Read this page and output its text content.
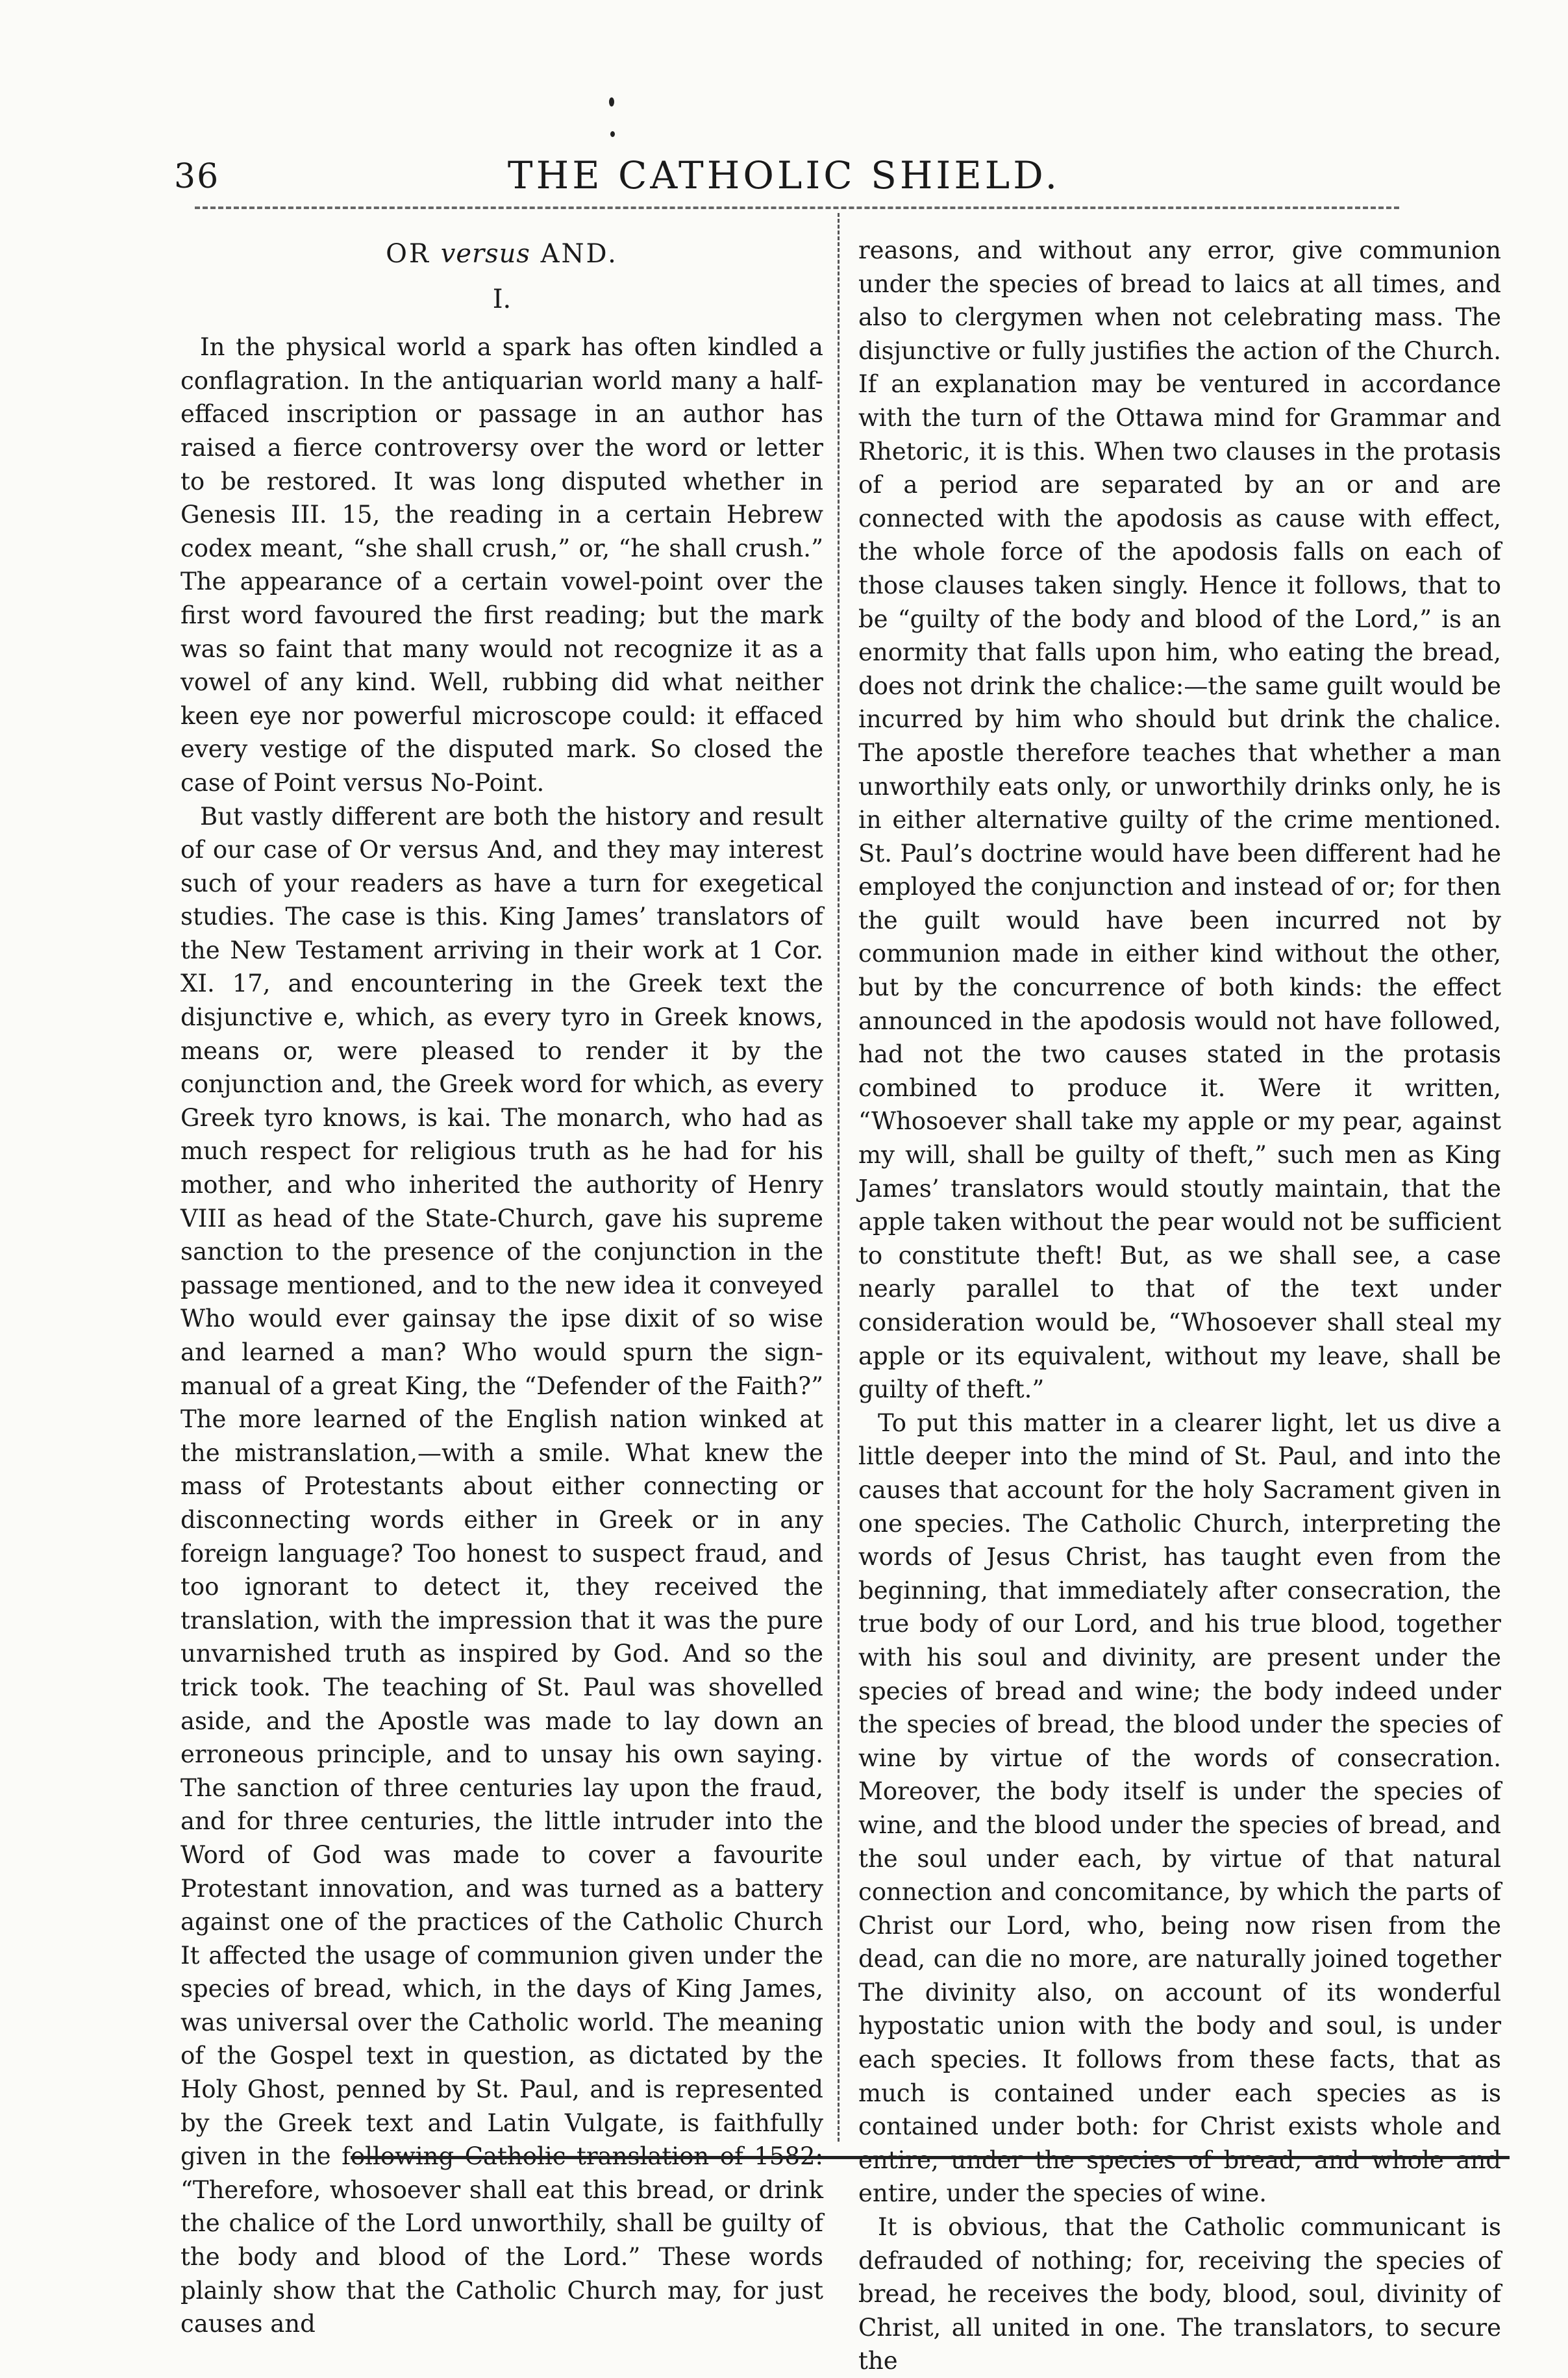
36	THE CATHOLIC SHIELD.
OR versus AND.
I.

In the physical world a spark has often kindled a conflagration. In the antiquarian world many a half-effaced inscription or passage in an author has raised a fierce controversy over the word or letter to be restored. It was long disputed whether in Genesis III. 15, the reading in a certain Hebrew codex meant, “she shall crush,” or, “he shall crush.” The appearance of a certain vowel-point over the first word favoured the first reading; but the mark was so faint that many would not recognize it as a vowel of any kind. Well, rubbing did what neither keen eye nor powerful microscope could: it effaced every vestige of the disputed mark. So closed the case of Point versus No-Point.

But vastly different are both the history and result of our case of Or versus And, and they may interest such of your readers as have a turn for exegetical studies. The case is this. King James’ translators of the New Testament arriving in their work at 1 Cor. XI. 17, and encountering in the Greek text the disjunctive e, which, as every tyro in Greek knows, means or, were pleased to render it by the conjunction and, the Greek word for which, as every Greek tyro knows, is kai. The monarch, who had as much respect for religious truth as he had for his mother, and who inherited the authority of Henry VIII as head of the State-Church, gave his supreme sanction to the presence of the conjunction in the passage mentioned, and to the new idea it conveyed Who would ever gainsay the ipse dixit of so wise and learned a man? Who would spurn the sign-manual of a great King, the “Defender of the Faith?” The more learned of the English nation winked at the mistranslation,—with a smile. What knew the mass of Protestants about either connecting or disconnecting words either in Greek or in any foreign language? Too honest to suspect fraud, and too ignorant to detect it, they received the translation, with the impression that it was the pure unvarnished truth as inspired by God. And so the trick took. The teaching of St. Paul was shovelled aside, and the Apostle was made to lay down an erroneous principle, and to unsay his own saying. The sanction of three centuries lay upon the fraud, and for three centuries, the little intruder into the Word of God was made to cover a favourite Protestant innovation, and was turned as a battery against one of the practices of the Catholic Church It affected the usage of communion given under the species of bread, which, in the days of King James, was universal over the Catholic world. The meaning of the Gospel text in question, as dictated by the Holy Ghost, penned by St. Paul, and is represented by the Greek text and Latin Vulgate, is faithfully given in the following Catholic translation of 1582: “Therefore, whosoever shall eat this bread, or drink the chalice of the Lord unworthily, shall be guilty of the body and blood of the Lord.” These words plainly show that the Catholic Church may, for just causes and

reasons, and without any error, give communion under the species of bread to laics at all times, and also to clergymen when not celebrating mass. The disjunctive or fully justifies the action of the Church. If an explanation may be ventured in accordance with the turn of the Ottawa mind for Grammar and Rhetoric, it is this. When two clauses in the protasis of a period are separated by an or and are connected with the apodosis as cause with effect, the whole force of the apodosis falls on each of those clauses taken singly. Hence it follows, that to be “guilty of the body and blood of the Lord,” is an enormity that falls upon him, who eating the bread, does not drink the chalice:—the same guilt would be incurred by him who should but drink the chalice. The apostle therefore teaches that whether a man unworthily eats only, or unworthily drinks only, he is in either alternative guilty of the crime mentioned. St. Paul’s doctrine would have been different had he employed the conjunction and instead of or; for then the guilt would have been incurred not by communion made in either kind without the other, but by the concurrence of both kinds: the effect announced in the apodosis would not have followed, had not the two causes stated in the protasis combined to produce it. Were it written, “Whosoever shall take my apple or my pear, against my will, shall be guilty of theft,” such men as King James’ translators would stoutly maintain, that the apple taken without the pear would not be sufficient to constitute theft! But, as we shall see, a case nearly parallel to that of the text under consideration would be, “Whosoever shall steal my apple or its equivalent, without my leave, shall be guilty of theft.”

To put this matter in a clearer light, let us dive a little deeper into the mind of St. Paul, and into the causes that account for the holy Sacrament given in one species. The Catholic Church, interpreting the words of Jesus Christ, has taught even from the beginning, that immediately after consecration, the true body of our Lord, and his true blood, together with his soul and divinity, are present under the species of bread and wine; the body indeed under the species of bread, the blood under the species of wine by virtue of the words of consecration. Moreover, the body itself is under the species of wine, and the blood under the species of bread, and the soul under each, by virtue of that natural connection and concomitance, by which the parts of Christ our Lord, who, being now risen from the dead, can die no more, are naturally joined together The divinity also, on account of its wonderful hypostatic union with the body and soul, is under each species. It follows from these facts, that as much is contained under each species as is contained under both: for Christ exists whole and entire, under the species of bread, and whole and entire, under the species of wine.

It is obvious, that the Catholic communicant is defrauded of nothing; for, receiving the species of bread, he receives the body, blood, soul, divinity of Christ, all united in one. The translators, to secure the
